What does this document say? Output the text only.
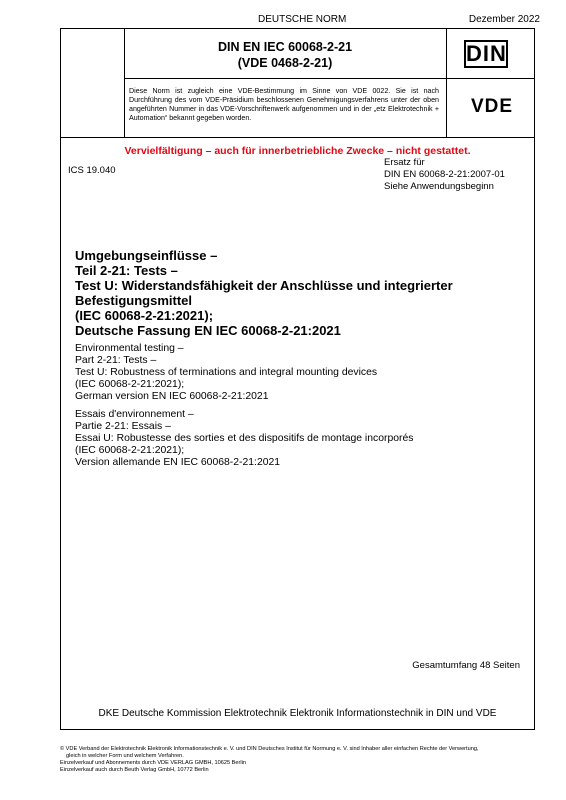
DEUTSCHE NORM	Dezember 2022
DIN EN IEC 60068-2-21
(VDE 0468-2-21)	DIN
VDE
Diese Norm ist zugleich eine VDE-Bestimmung im Sinne von VDE 0022. Sie ist nach Durchführung des vom VDE-Präsidium beschlossenen Genehmigungsverfahrens unter der oben angeführten Nummer in das VDE-Vorschriftenwerk aufgenommen und in der „etz Elektrotechnik + Automation“ bekannt gegeben worden.
Vervielfältigung – auch für innerbetriebliche Zwecke – nicht gestattet.
ICS 19.040
Ersatz für
DIN EN 60068-2-21:2007-01
Siehe Anwendungsbeginn
Umgebungseinflüsse –
Teil 2-21: Tests –
Test U: Widerstandsfähigkeit der Anschlüsse und integrierter
Befestigungsmittel
(IEC 60068-2-21:2021);
Deutsche Fassung EN IEC 60068-2-21:2021
Environmental testing –
Part 2-21: Tests –
Test U: Robustness of terminations and integral mounting devices
(IEC 60068-2-21:2021);
German version EN IEC 60068-2-21:2021
Essais d'environnement –
Partie 2-21: Essais –
Essai U: Robustesse des sorties et des dispositifs de montage incorporés
(IEC 60068-2-21:2021);
Version allemande EN IEC 60068-2-21:2021
Gesamtumfang 48 Seiten
DKE Deutsche Kommission Elektrotechnik Elektronik Informationstechnik in DIN und VDE
© VDE Verband der Elektrotechnik Elektronik Informationstechnik e. V. und DIN Deutsches Institut für Normung e. V. sind Inhaber aller einfachen Rechte der Verwertung,
gleich in welcher Form und welchem Verfahren.
Einzelverkauf und Abonnements durch VDE VERLAG GMBH, 10625 Berlin
Einzelverkauf auch durch Beuth Verlag GmbH, 10772 Berlin
